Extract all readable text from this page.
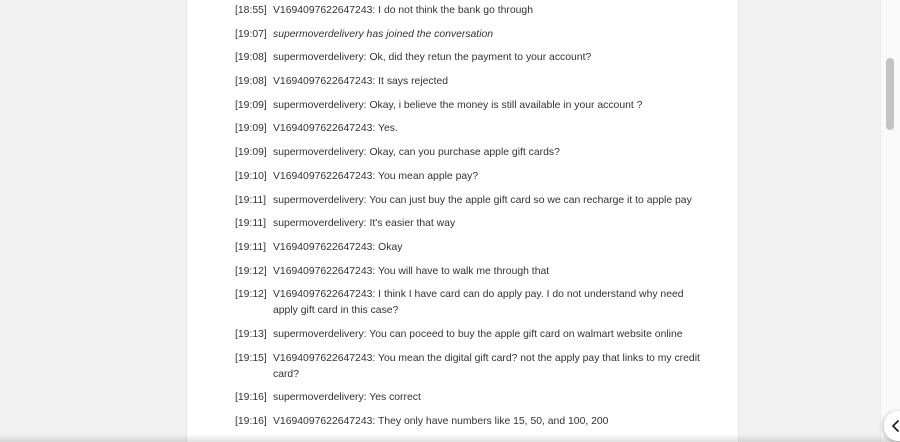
[18:55] V1694097622647243: I do not think the bank go through
[19:07] supermoverdelivery has joined the conversation
[19:08] supermoverdelivery: Ok, did they retun the payment to your account?
[19:08] V1694097622647243: It says rejected
[19:09] supermoverdelivery: Okay, i believe the money is still available in your account ?
[19:09] V1694097622647243: Yes.
[19:09] supermoverdelivery: Okay, can you purchase apple gift cards?
[19:10] V1694097622647243: You mean apple pay?
[19:11] supermoverdelivery: You can just buy the apple gift card so we can recharge it to apple pay
[19:11] supermoverdelivery: It's easier that way
[19:11] V1694097622647243: Okay
[19:12] V1694097622647243: You will have to walk me through that
[19:12] V1694097622647243: I think I have card can do apply pay. I do not understand why need apply gift card in this case?
[19:13] supermoverdelivery: You can poceed to buy the apple gift card on walmart website online
[19:15] V1694097622647243: You mean the digital gift card? not the apply pay that links to my credit card?
[19:16] supermoverdelivery: Yes correct
[19:16] V1694097622647243: They only have numbers like 15, 50, and 100, 200
